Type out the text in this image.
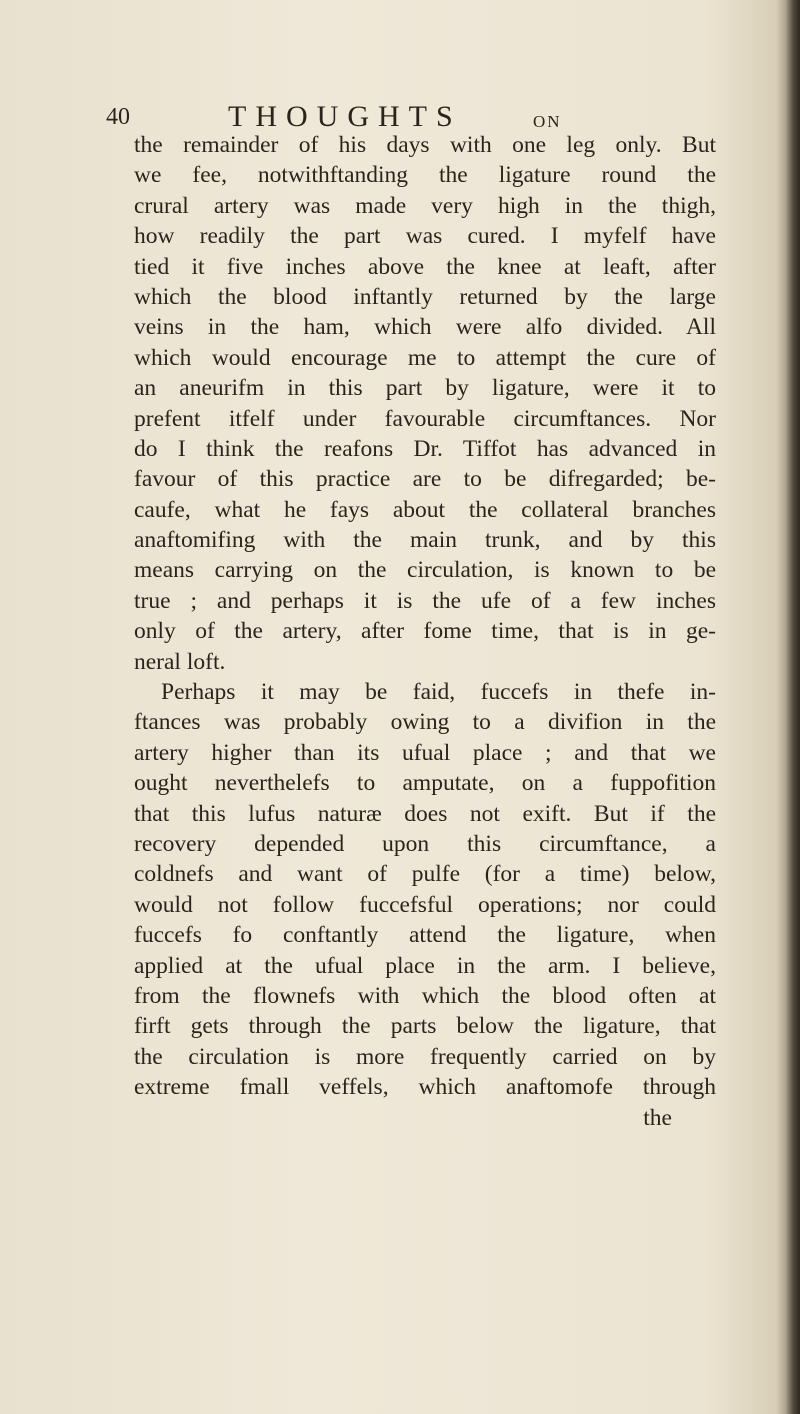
40	THOUGHTS	ON
the remainder of his days with one leg only. But
we fee, notwithftanding the ligature round the
crural artery was made very high in the thigh,
how readily the part was cured. I myfelf have
tied it five inches above the knee at leaft, after
which the blood inftantly returned by the large
veins in the ham, which were alfo divided. All
which would encourage me to attempt the cure of
an aneurifm in this part by ligature, were it to
prefent itfelf under favourable circumftances. Nor
do I think the reafons Dr. Tiffot has advanced in
favour of this practice are to be difregarded; be-
caufe, what he fays about the collateral branches
anaftomifing with the main trunk, and by this
means carrying on the circulation, is known to be
true ; and perhaps it is the ufe of a few inches
only of the artery, after fome time, that is in ge-
neral loft.
Perhaps it may be faid, fuccefs in thefe in-
ftances was probably owing to a divifion in the
artery higher than its ufual place ; and that we
ought neverthelefs to amputate, on a fuppofition
that this lufus naturæ does not exift. But if the
recovery depended upon this circumftance, a
coldnefs and want of pulfe (for a time) below,
would not follow fuccefsful operations; nor could
fuccefs fo conftantly attend the ligature, when
applied at the ufual place in the arm. I believe,
from the flownefs with which the blood often at
firft gets through the parts below the ligature, that
the circulation is more frequently carried on by
extreme fmall veffels, which anaftomofe through
the
